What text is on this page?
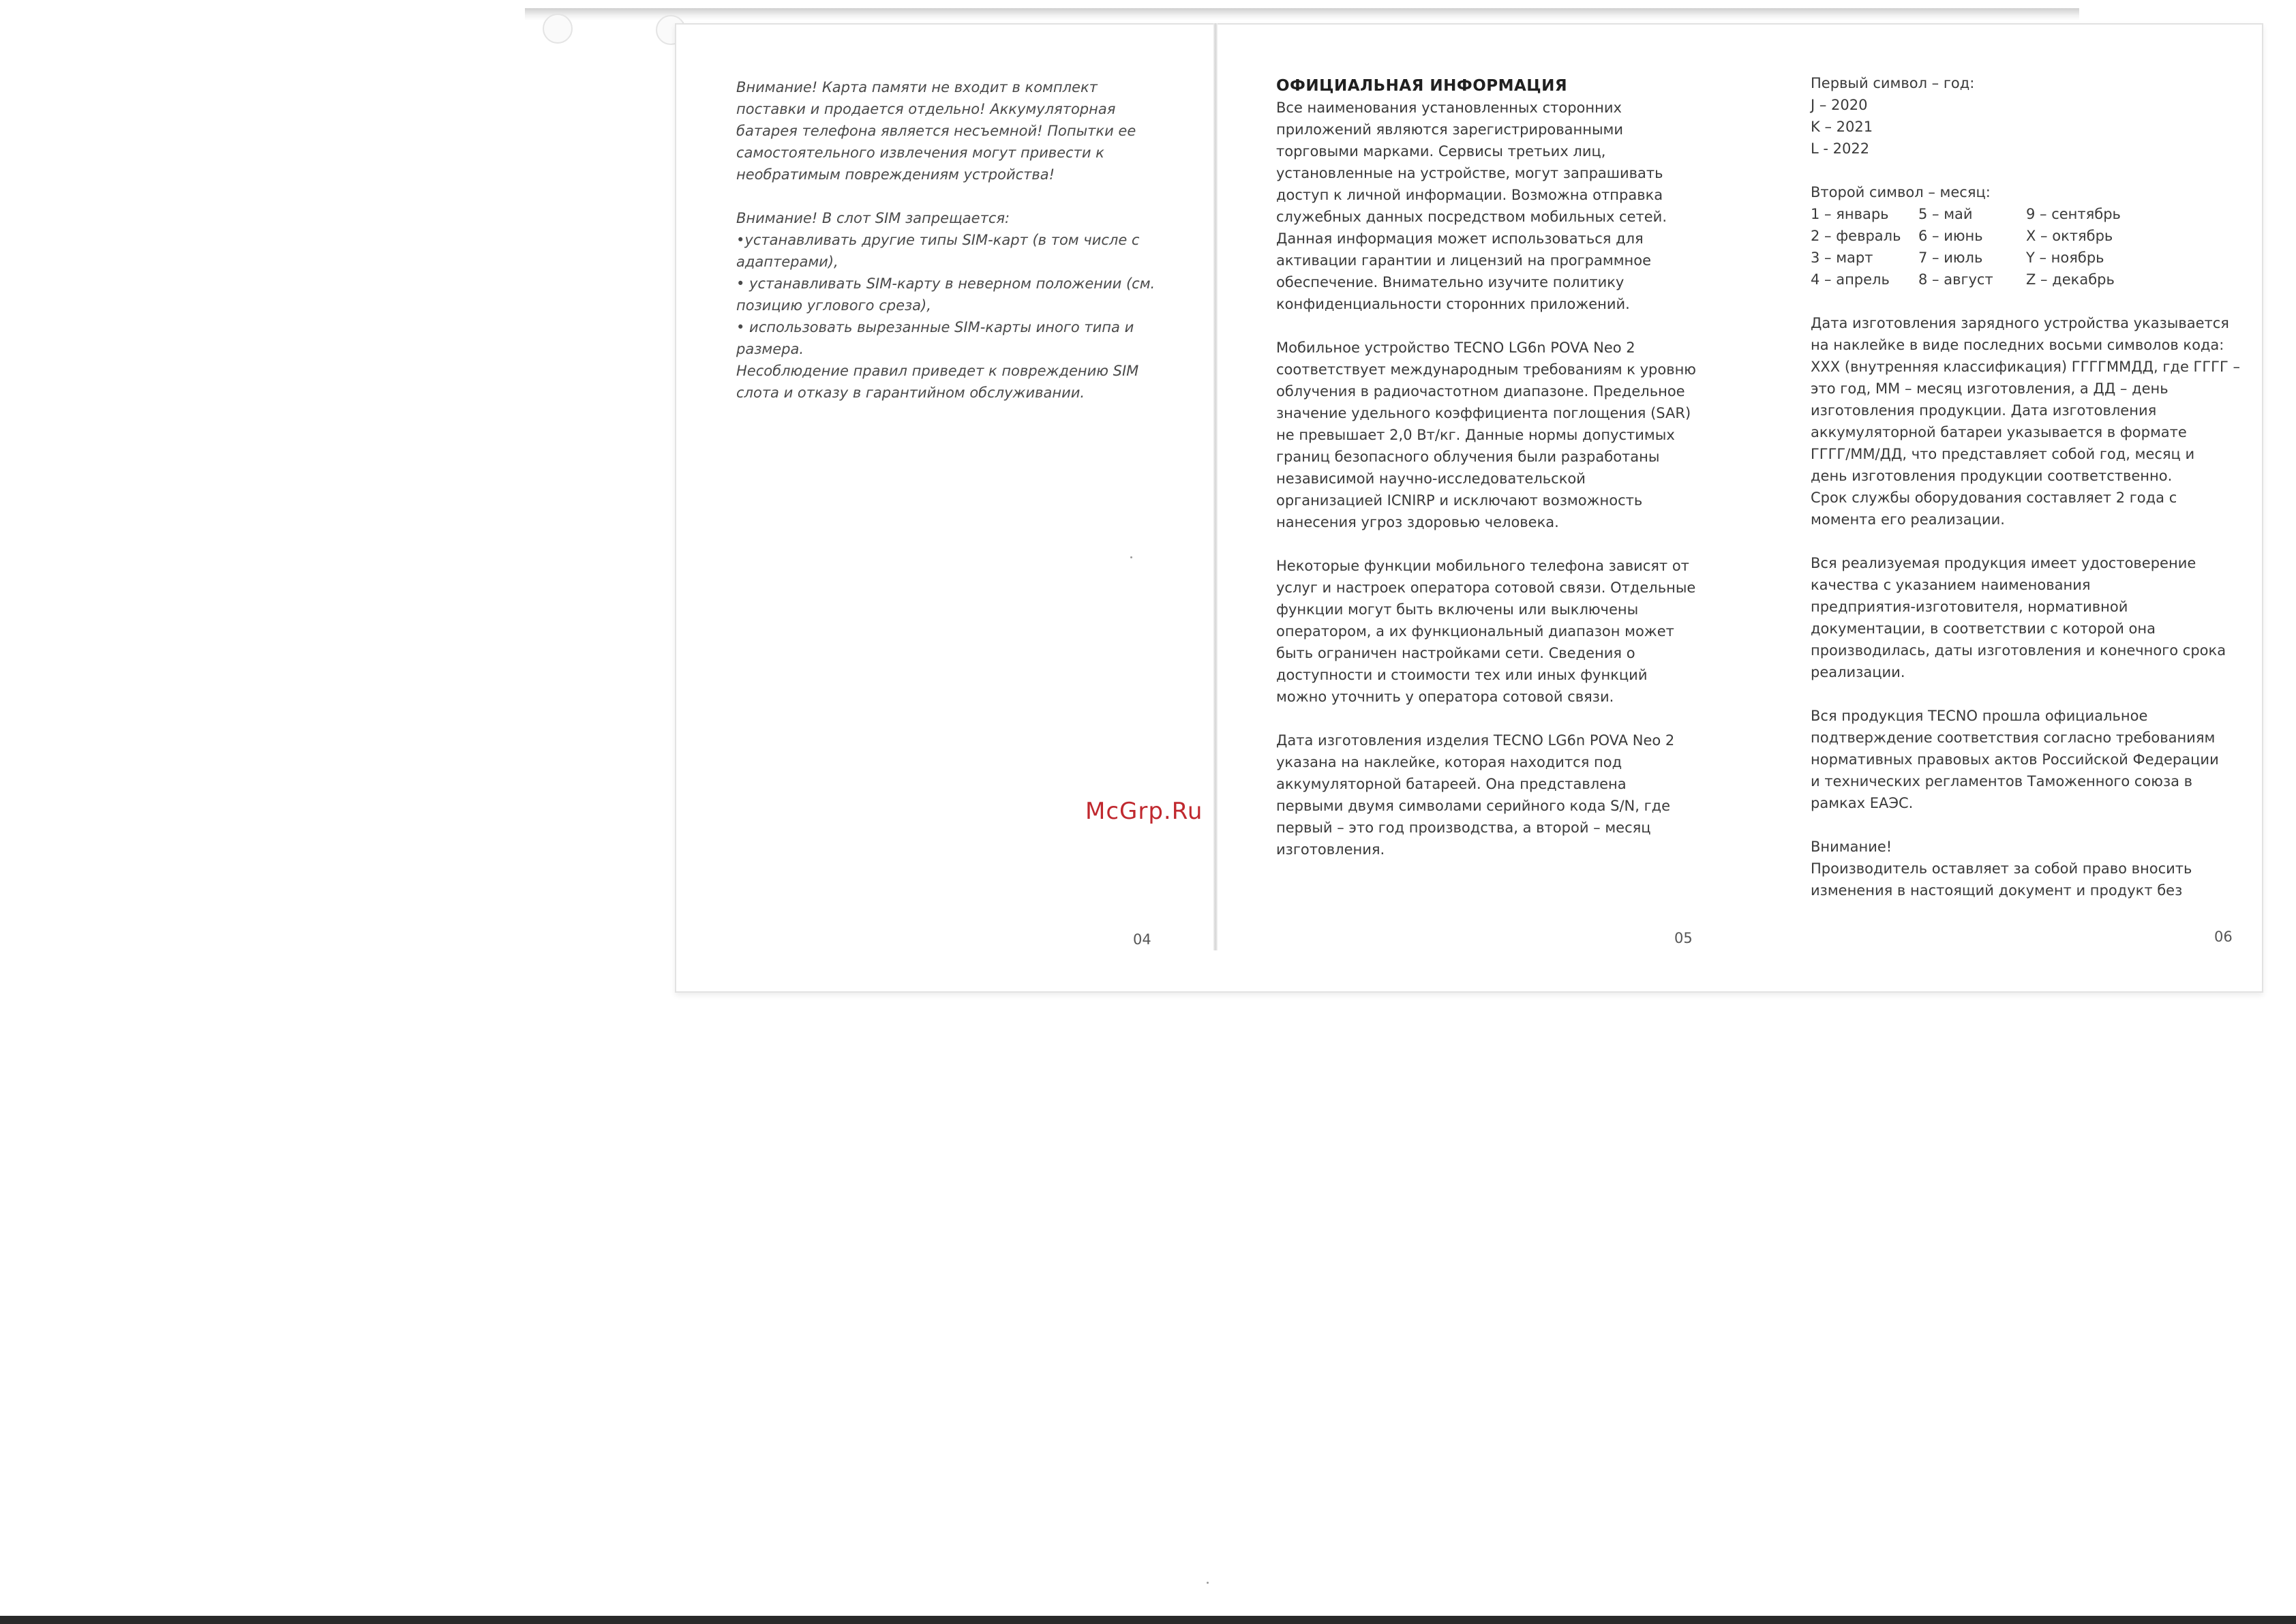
Внимание! Карта памяти не входит в комплект

поставки и продается отдельно! Аккумуляторная

батарея телефона является несъемной! Попытки ее

самостоятельного извлечения могут привести к

необратимым повреждениям устройства!

Внимание! В слот SIM запрещается:

•устанавливать другие типы SIM-карт (в том числе с

адаптерами),

• устанавливать SIM-карту в неверном положении (см.

позицию углового среза),

• использовать вырезанные SIM-карты иного типа и

размера.

Несоблюдение правил приведет к повреждению SIM

слота и отказу в гарантийном обслуживании.

04
McGrp.Ru

ОФИЦИАЛЬНАЯ ИНФОРМАЦИЯ

Все наименования установленных сторонних

приложений являются зарегистрированными

торговыми марками. Сервисы третьих лиц,

установленные на устройстве, могут запрашивать

доступ к личной информации. Возможна отправка

служебных данных посредством мобильных сетей.

Данная информация может использоваться для

активации гарантии и лицензий на программное

обеспечение. Внимательно изучите политику

конфиденциальности сторонних приложений.

Мобильное устройство TECNO LG6n POVA Neo 2

соответствует международным требованиям к уровню

облучения в радиочастотном диапазоне. Предельное

значение удельного коэффициента поглощения (SAR)

не превышает 2,0 Вт/кг. Данные нормы допустимых

границ безопасного облучения были разработаны

независимой научно-исследовательской

организацией ICNIRP и исключают возможность

нанесения угроз здоровью человека.

Некоторые функции мобильного телефона зависят от

услуг и настроек оператора сотовой связи. Отдельные

функции могут быть включены или выключены

оператором, а их функциональный диапазон может

быть ограничен настройками сети. Сведения о

доступности и стоимости тех или иных функций

можно уточнить у оператора сотовой связи.

Дата изготовления изделия TECNO LG6n POVA Neo 2

указана на наклейке, которая находится под

аккумуляторной батареей. Она представлена

первыми двумя символами серийного кода S/N, где

первый – это год производства, а второй – месяц

изготовления.

05

Первый символ – год:

J – 2020

K – 2021

L - 2022

Второй символ – месяц:

1 – январь	5 – май	9 – сентябрь
2 – февраль	6 – июнь	X – октябрь
3 – март	7 – июль	Y – ноябрь
4 – апрель	8 – август	Z – декабрь

Дата изготовления зарядного устройства указывается

на наклейке в виде последних восьми символов кода:

XXX (внутренняя классификация) ГГГГММДД, где ГГГГ –

это год, ММ – месяц изготовления, а ДД – день

изготовления продукции. Дата изготовления

аккумуляторной батареи указывается в формате

ГГГГ/ММ/ДД, что представляет собой год, месяц и

день изготовления продукции соответственно.

Срок службы оборудования составляет 2 года с

момента его реализации.

Вся реализуемая продукция имеет удостоверение

качества с указанием наименования

предприятия-изготовителя, нормативной

документации, в соответствии с которой она

производилась, даты изготовления и конечного срока

реализации.

Вся продукция TECNO прошла официальное

подтверждение соответствия согласно требованиям

нормативных правовых актов Российской Федерации

и технических регламентов Таможенного союза в

рамках ЕАЭС.

Внимание!

Производитель оставляет за собой право вносить

изменения в настоящий документ и продукт без

06
